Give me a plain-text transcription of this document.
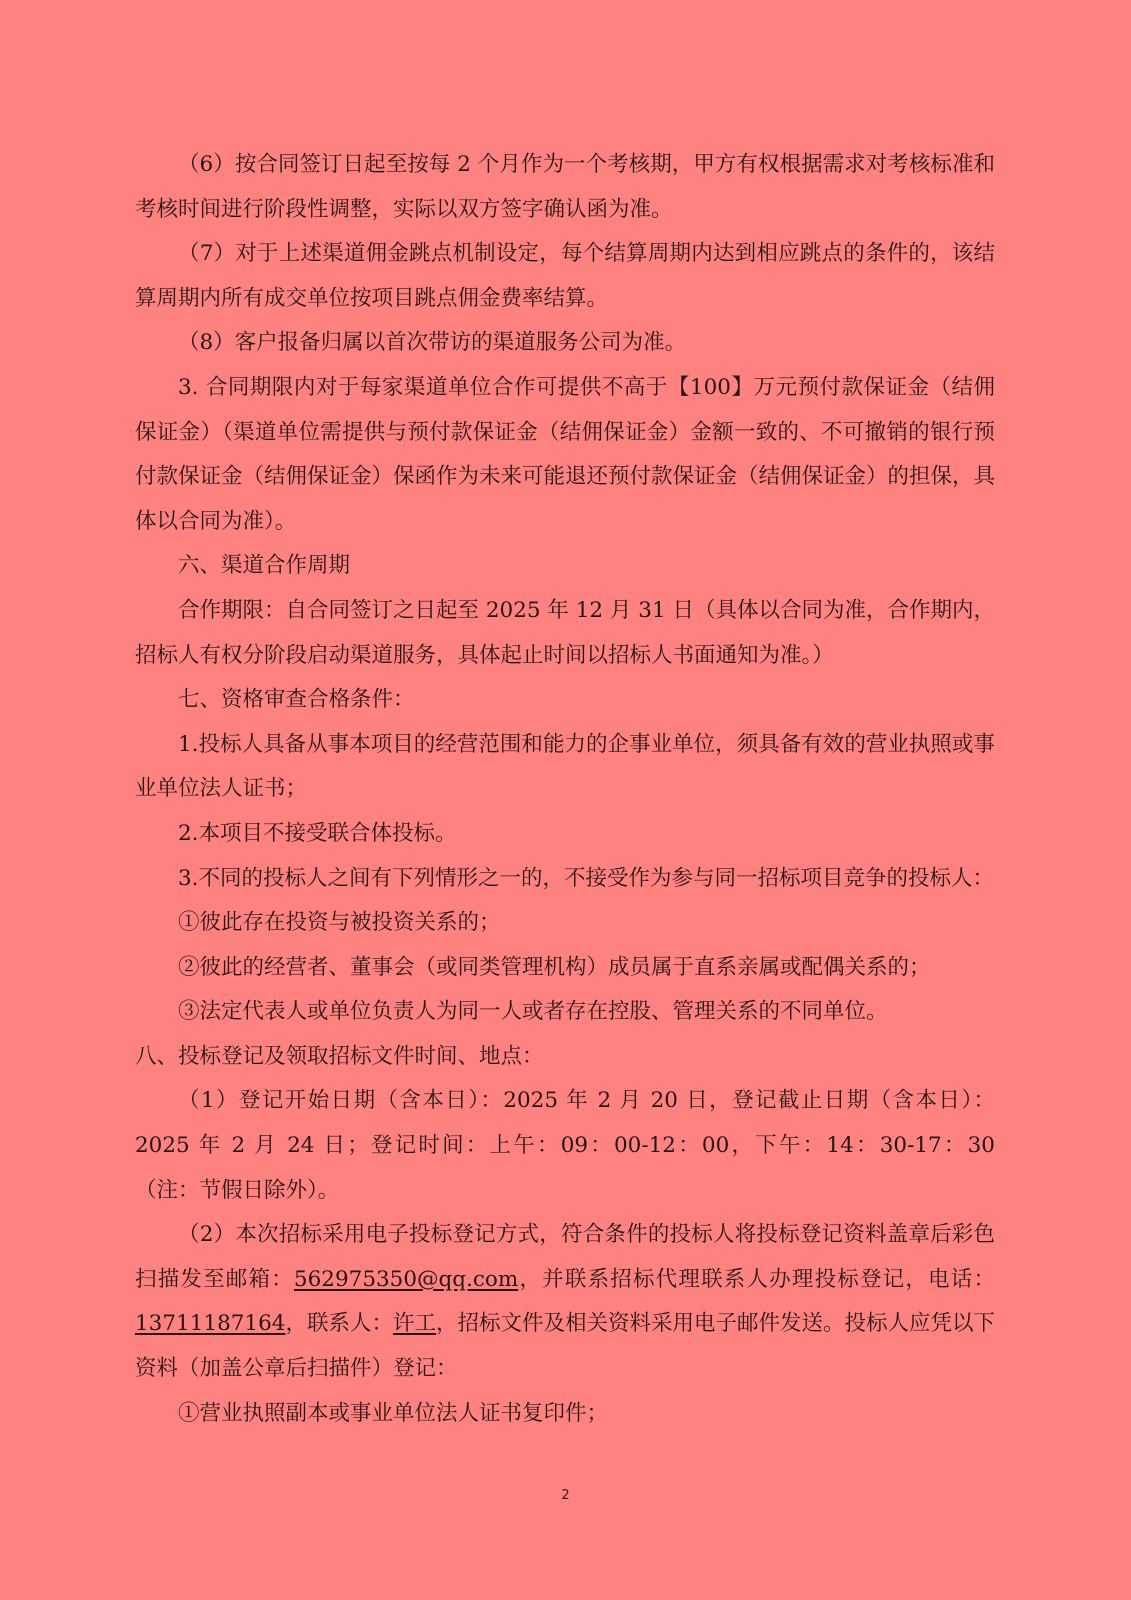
（6）按合同签订日起至按每 2 个月作为一个考核期，甲方有权根据需求对考核标准和考核时间进行阶段性调整，实际以双方签字确认函为准。

（7）对于上述渠道佣金跳点机制设定，每个结算周期内达到相应跳点的条件的，该结算周期内所有成交单位按项目跳点佣金费率结算。

（8）客户报备归属以首次带访的渠道服务公司为准。

3. 合同期限内对于每家渠道单位合作可提供不高于【100】万元预付款保证金（结佣保证金）（渠道单位需提供与预付款保证金（结佣保证金）金额一致的、不可撤销的银行预付款保证金（结佣保证金）保函作为未来可能退还预付款保证金（结佣保证金）的担保，具体以合同为准）。

六、渠道合作周期

合作期限：自合同签订之日起至 2025 年 12 月 31 日（具体以合同为准，合作期内，招标人有权分阶段启动渠道服务，具体起止时间以招标人书面通知为准。）

七、资格审查合格条件：

1.投标人具备从事本项目的经营范围和能力的企事业单位，须具备有效的营业执照或事业单位法人证书；

2.本项目不接受联合体投标。

3.不同的投标人之间有下列情形之一的，不接受作为参与同一招标项目竞争的投标人：

①彼此存在投资与被投资关系的；

②彼此的经营者、董事会（或同类管理机构）成员属于直系亲属或配偶关系的；

③法定代表人或单位负责人为同一人或者存在控股、管理关系的不同单位。

八、投标登记及领取招标文件时间、地点：

（1）登记开始日期（含本日）：2025 年 2 月 20 日，登记截止日期（含本日）：2025 年 2 月 24 日；登记时间：上午：09：00-12：00，下午：14：30-17：30 （注：节假日除外）。

（2）本次招标采用电子投标登记方式，符合条件的投标人将投标登记资料盖章后彩色扫描发至邮箱：562975350@qq.com，并联系招标代理联系人办理投标登记，电话：13711187164，联系人：许工，招标文件及相关资料采用电子邮件发送。投标人应凭以下资料（加盖公章后扫描件）登记：

①营业执照副本或事业单位法人证书复印件；

2
